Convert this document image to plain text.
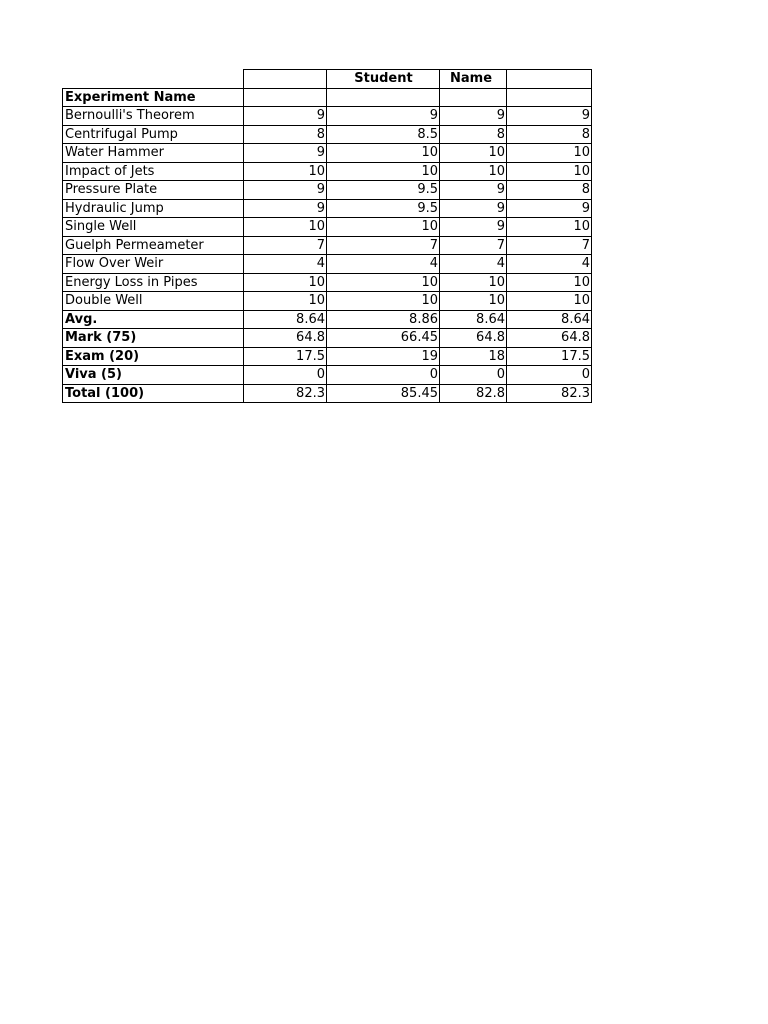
		Student	Name	
Experiment Name				
Bernoulli's Theorem	9	9	9	9
Centrifugal Pump	8	8.5	8	8
Water Hammer	9	10	10	10
Impact of Jets	10	10	10	10
Pressure Plate	9	9.5	9	8
Hydraulic Jump	9	9.5	9	9
Single Well	10	10	9	10
Guelph Permeameter	7	7	7	7
Flow Over Weir	4	4	4	4
Energy Loss in Pipes	10	10	10	10
Double Well	10	10	10	10
Avg.	8.64	8.86	8.64	8.64
Mark (75)	64.8	66.45	64.8	64.8
Exam (20)	17.5	19	18	17.5
Viva (5)	0	0	0	0
Total (100)	82.3	85.45	82.8	82.3
